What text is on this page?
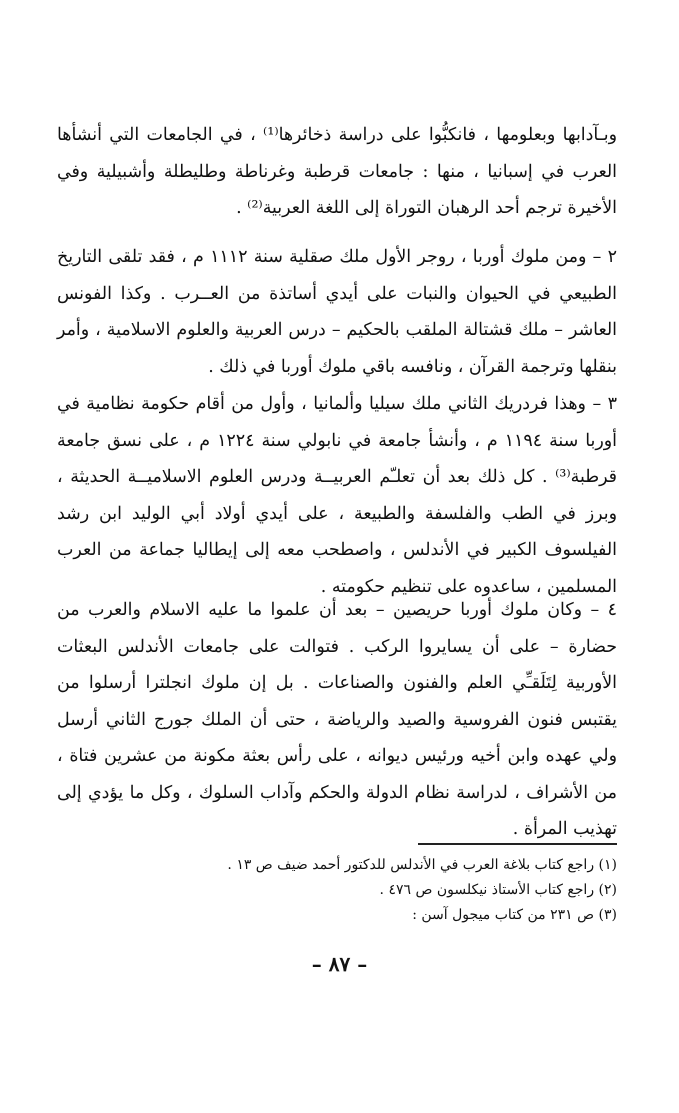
وبـآدابها وبعلومها ، فانكبُّوا على دراسة ذخائرها⁽¹⁾ ، في الجامعات التي أنشأها العرب في إسبانيا ، منها : جامعات قرطبة وغرناطة وطليطلة وأشبيلية وفي الأخيرة ترجم أحد الرهبان التوراة إلى اللغة العربية⁽²⁾ .

٢ – ومن ملوك أوربا ، روجر الأول ملك صقلية سنة ١١١٢ م ، فقد تلقى التاريخ الطبيعي في الحيوان والنبات على أيدي أساتذة من العــرب . وكذا الفونس العاشر – ملك قشتالة الملقب بالحكيم – درس العربية والعلوم الاسلامية ، وأمر بنقلها وترجمة القرآن ، ونافسه باقي ملوك أوربا في ذلك .

٣ – وهذا فردريك الثاني ملك سيليا وألمانيا ، وأول من أقام حكومة نظامية في أوربا سنة ١١٩٤ م ، وأنشأ جامعة في نابولي سنة ١٢٢٤ م ، على نسق جامعة قرطبة⁽³⁾ . كل ذلك بعد أن تعلـّم العربيــة ودرس العلوم الاسلاميــة الحديثة ، وبرز في الطب والفلسفة والطبيعة ، على أيدي أولاد أبي الوليد ابن رشد الفيلسوف الكبير في الأندلس ، واصطحب معه إلى إيطاليا جماعة من العرب المسلمين ، ساعدوه على تنظيم حكومته .

٤ – وكان ملوك أوربا حريصين – بعد أن علموا ما عليه الاسلام والعرب من حضارة – على أن يسايروا الركب . فتوالت على جامعات الأندلس البعثات الأوربية لِتَلَقـِّي العلم والفنون والصناعات . بل إن ملوك انجلترا أرسلوا من يقتبس فنون الفروسية والصيد والرياضة ، حتى أن الملك جورج الثاني أرسل ولي عهده وابن أخيه ورئيس ديوانه ، على رأس بعثة مكونة من عشرين فتاة ، من الأشراف ، لدراسة نظام الدولة والحكم وآداب السلوك ، وكل ما يؤدي إلى تهذيب المرأة .

(١) راجع كتاب بلاغة العرب في الأندلس للدكتور أحمد ضيف ص ١٣ .
(٢) راجع كتاب الأستاذ نيكلسون ص ٤٧٦ .
(٣) ص ٢٣١ من كتاب ميجول آسن :
– ٨٧ –
